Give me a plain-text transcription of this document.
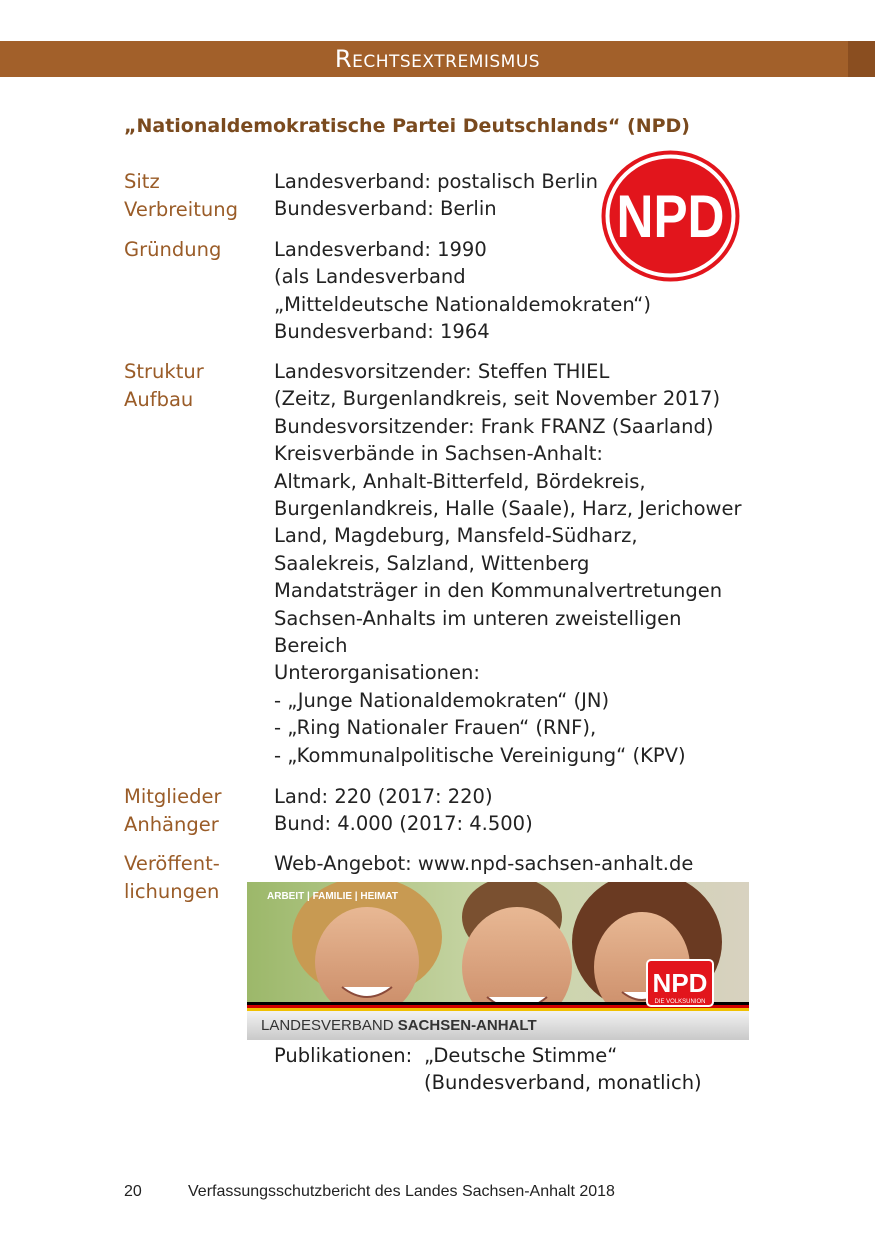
Rechtsextremismus
„Nationaldemokratische Partei Deutschlands“ (NPD)
NPD
Sitz
Verbreitung
Landesverband: postalisch Berlin
Bundesverband: Berlin
Gründung	Landesverband: 1990
(als Landesverband
„Mitteldeutsche Nationaldemokraten“)
Bundesverband: 1964
Struktur
Aufbau
Landesvorsitzender: Steffen THIEL
(Zeitz, Burgenlandkreis, seit November 2017)
Bundesvorsitzender: Frank FRANZ (Saarland)
Kreisverbände in Sachsen-Anhalt:
Altmark, Anhalt-Bitterfeld, Bördekreis,
Burgenlandkreis, Halle (Saale), Harz, Jerichower
Land, Magdeburg, Mansfeld-Südharz,
Saalekreis, Salzland, Wittenberg
Mandatsträger in den Kommunalvertretungen
Sachsen-Anhalts im unteren zweistelligen
Bereich
Unterorganisationen:
- „Junge Nationaldemokraten“ (JN)
- „Ring Nationaler Frauen“ (RNF),
- „Kommunalpolitische Vereinigung“ (KPV)
Mitglieder
Anhänger
Land: 220 (2017: 220)
Bund: 4.000 (2017: 4.500)
Veröffent-
lichungen
Web-Angebot: www.npd-sachsen-anhalt.de
LANDESVERBAND SACHSEN-ANHALT
ARBEIT | FAMILIE | HEIMAT
NPD
DIE VOLKSUNION
Publikationen: „Deutsche Stimme“
(Bundesverband, monatlich)
20	Verfassungsschutzbericht des Landes Sachsen-Anhalt 2018
